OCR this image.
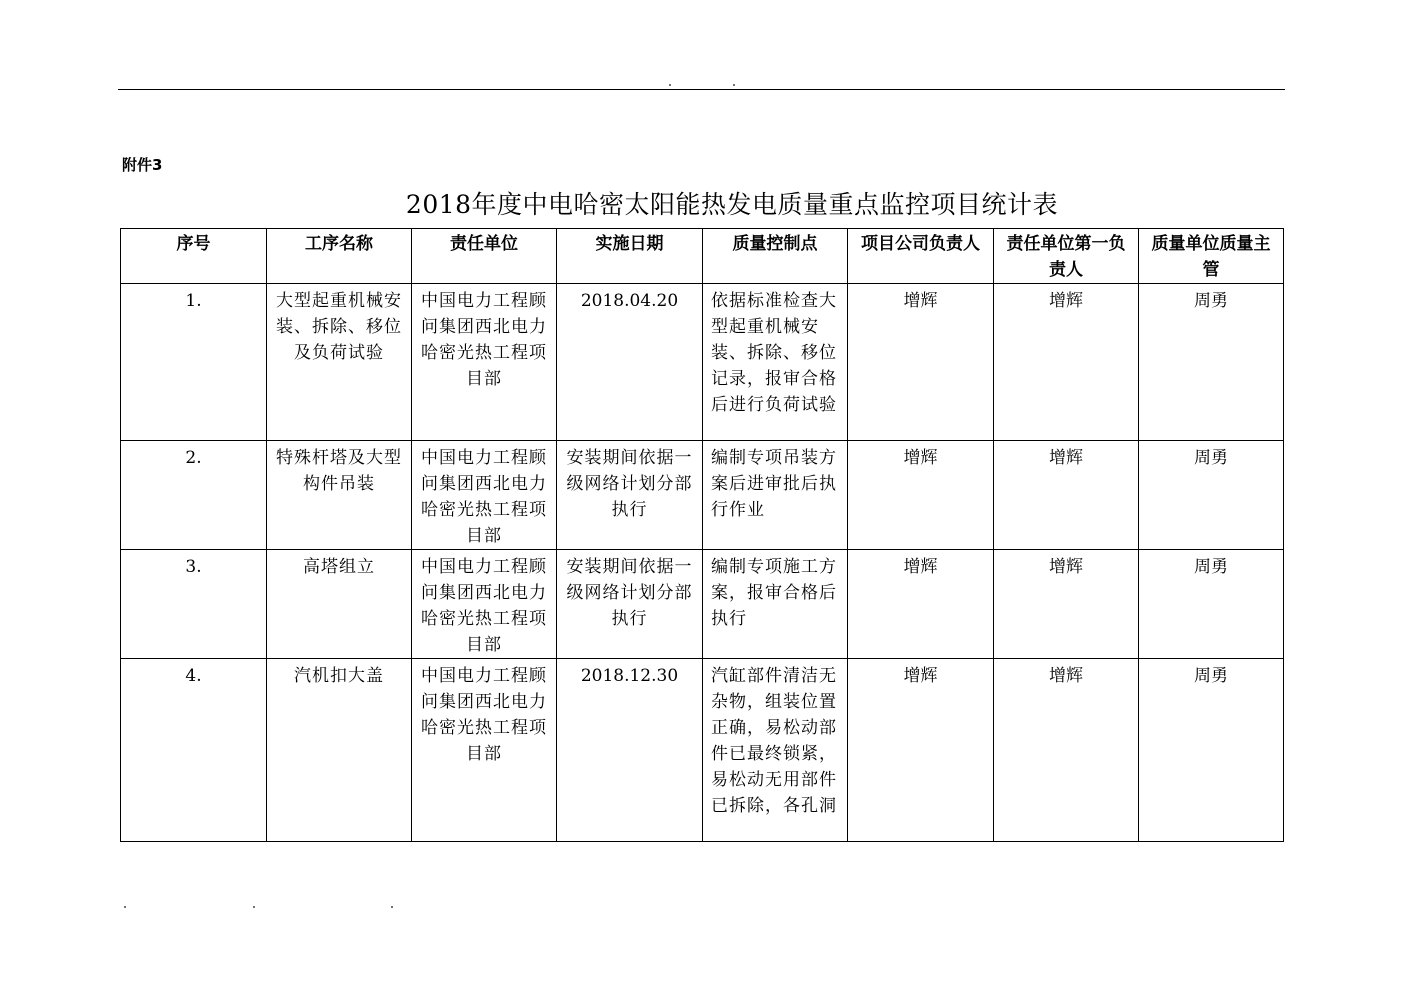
附件3
2018年度中电哈密太阳能热发电质量重点监控项目统计表
序号	工序名称	责任单位	实施日期	质量控制点	项目公司负责人	责任单位第一负责人	质量单位质量主管
1.	大型起重机械安装、拆除、移位及负荷试验	中国电力工程顾问集团西北电力哈密光热工程项目部	2018.04.20	依据标准检查大型起重机械安装、拆除、移位记录，报审合格后进行负荷试验	增辉	增辉	周勇
2.	特殊杆塔及大型构件吊装	中国电力工程顾问集团西北电力哈密光热工程项目部	安装期间依据一级网络计划分部执行	编制专项吊装方案后进审批后执行作业	增辉	增辉	周勇
3.	高塔组立	中国电力工程顾问集团西北电力哈密光热工程项目部	安装期间依据一级网络计划分部执行	编制专项施工方案，报审合格后执行	增辉	增辉	周勇
4.	汽机扣大盖	中国电力工程顾问集团西北电力哈密光热工程项目部	2018.12.30	汽缸部件清洁无杂物，组装位置正确，易松动部件已最终锁紧，易松动无用部件已拆除，各孔洞	增辉	增辉	周勇
